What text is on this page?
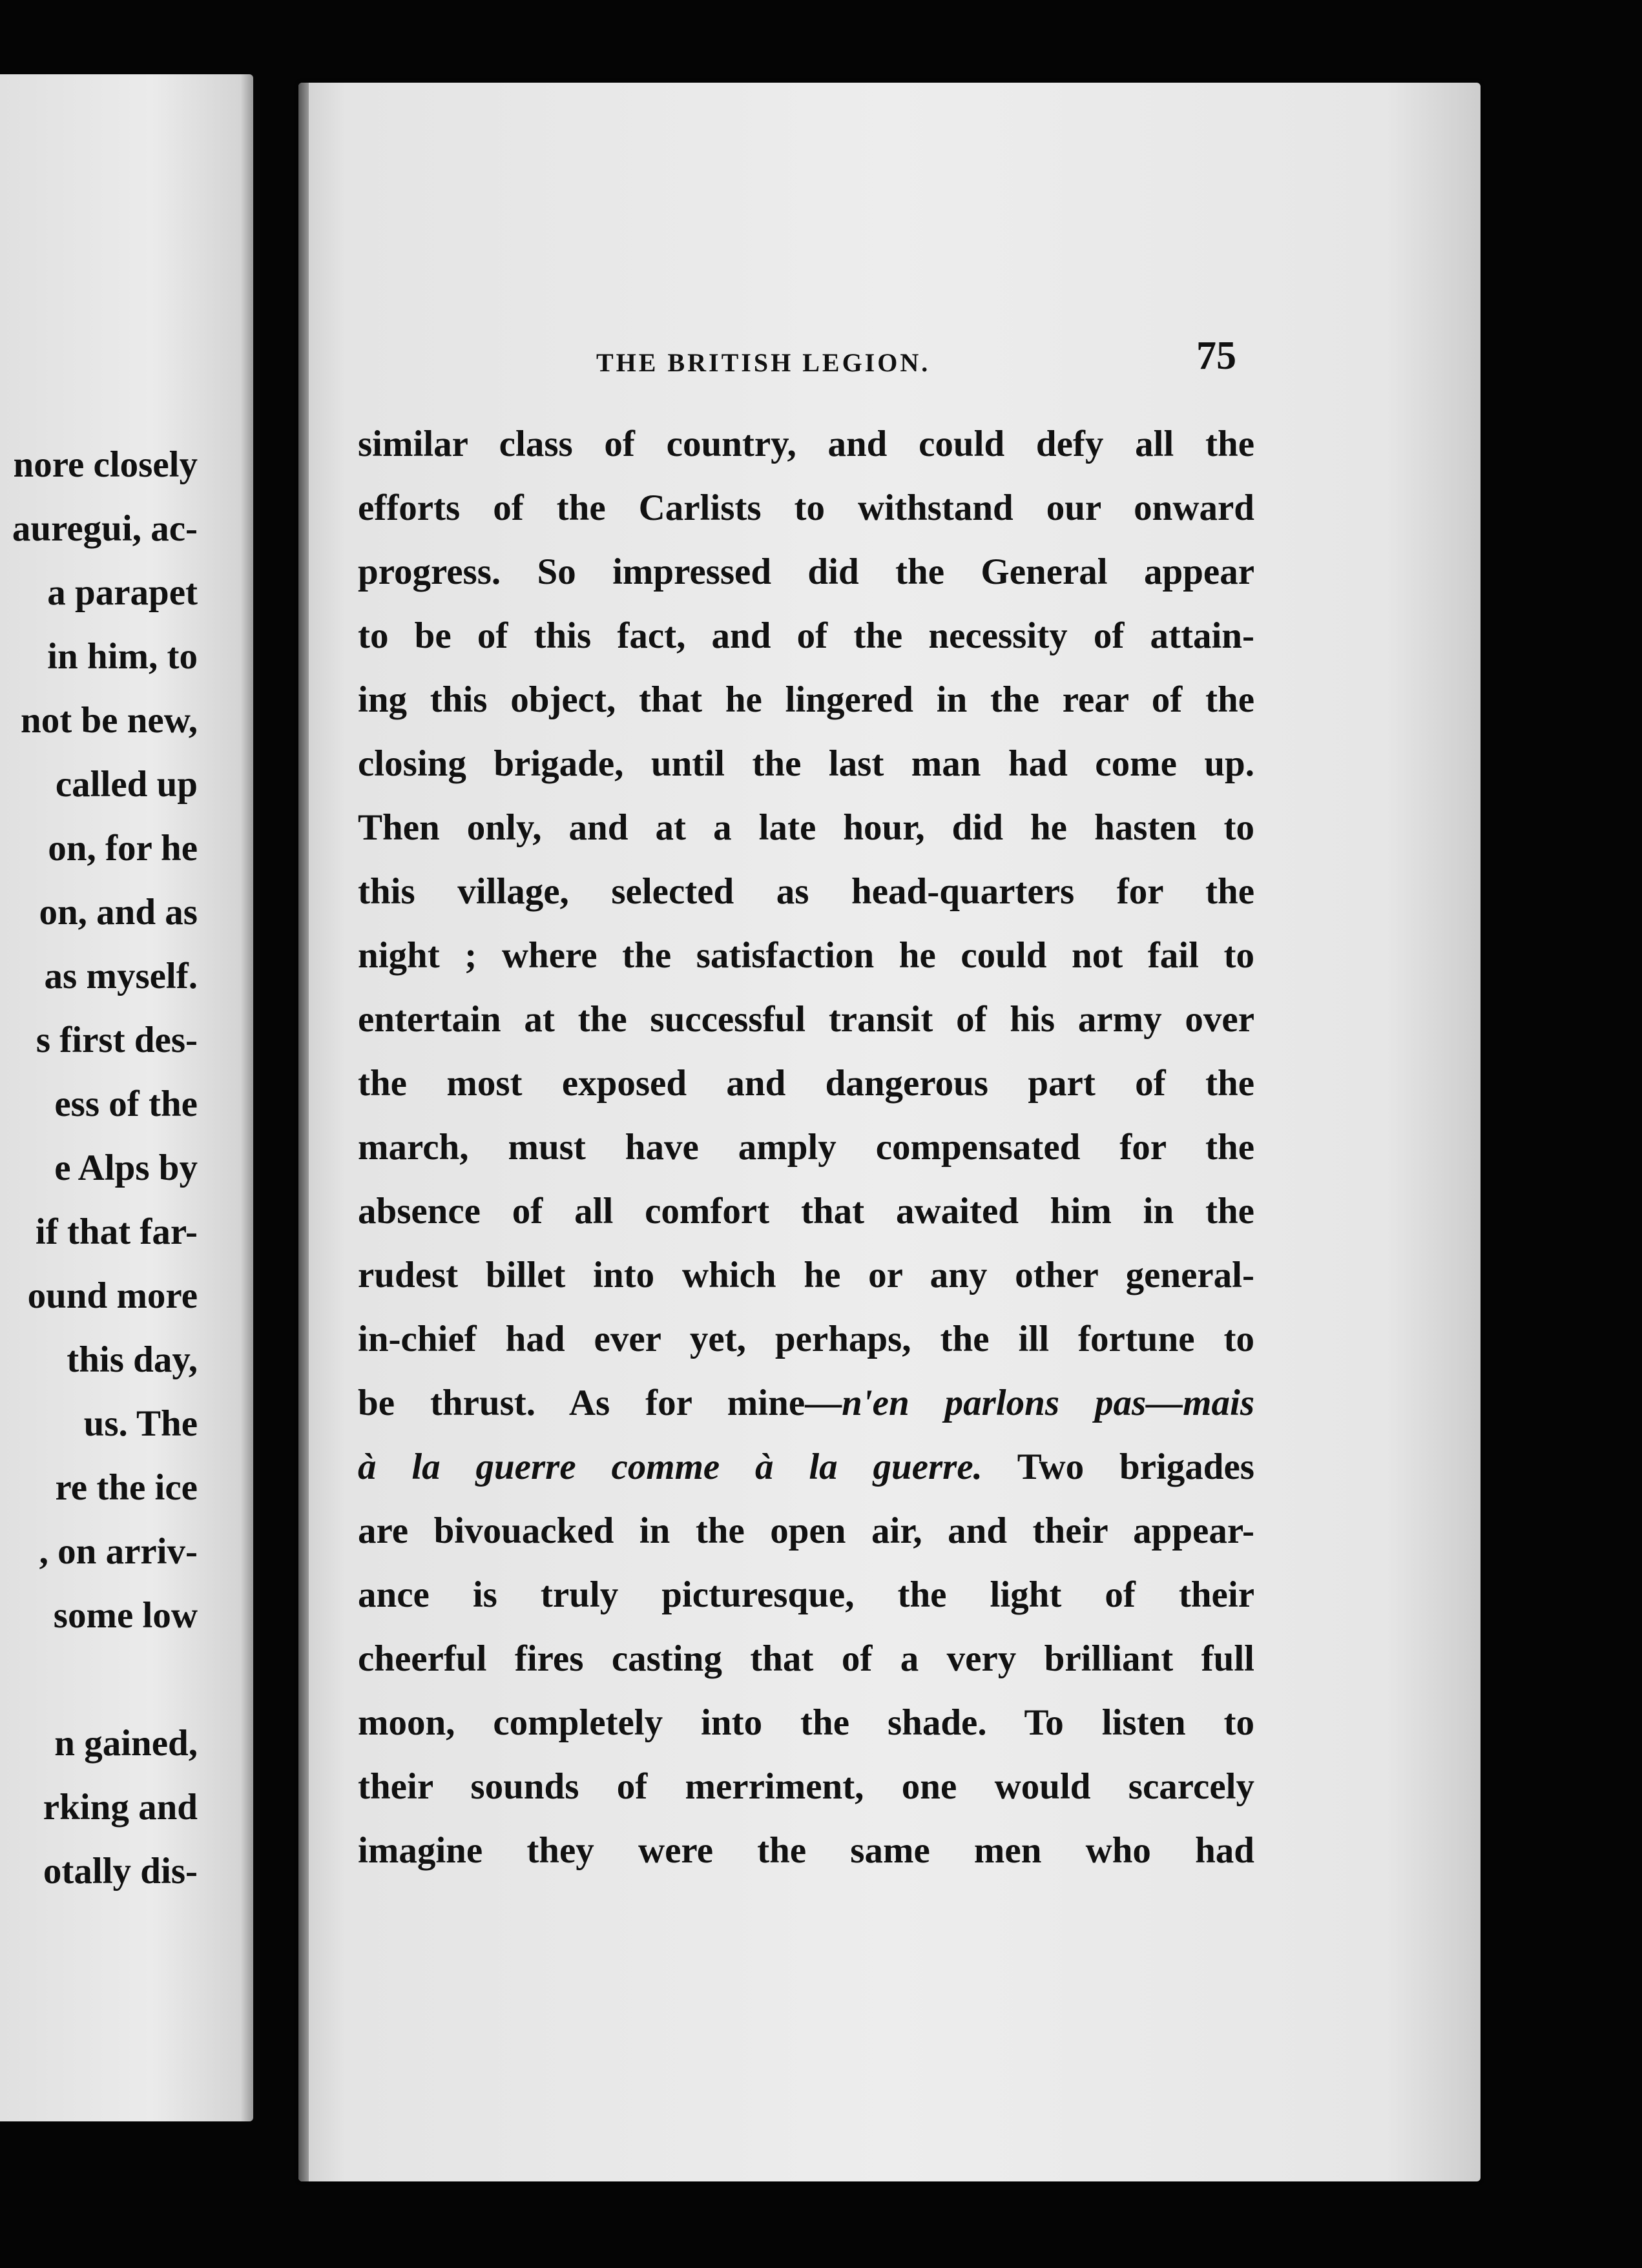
nore closely
auregui, ac-
a parapet
in him, to
not be new,
called up
on, for he
on, and as
as myself.
s first des-
ess of the
e Alps by
if that far-
ound more
this day,
us. The
re the ice
, on arriv-
some low
n gained,
rking and
otally dis-
THE BRITISH LEGION.	75
similar class of country, and could defy all the
efforts of the Carlists to withstand our onward
progress. So impressed did the General appear
to be of this fact, and of the necessity of attain-
ing this object, that he lingered in the rear of the
closing brigade, until the last man had come up.
Then only, and at a late hour, did he hasten to
this village, selected as head-quarters for the
night ; where the satisfaction he could not fail to
entertain at the successful transit of his army over
the most exposed and dangerous part of the
march, must have amply compensated for the
absence of all comfort that awaited him in the
rudest billet into which he or any other general-
in-chief had ever yet, perhaps, the ill fortune to
be thrust. As for mine—n'en parlons pas—mais
à la guerre comme à la guerre. Two brigades
are bivouacked in the open air, and their appear-
ance is truly picturesque, the light of their
cheerful fires casting that of a very brilliant full
moon, completely into the shade. To listen to
their sounds of merriment, one would scarcely
imagine they were the same men who had
